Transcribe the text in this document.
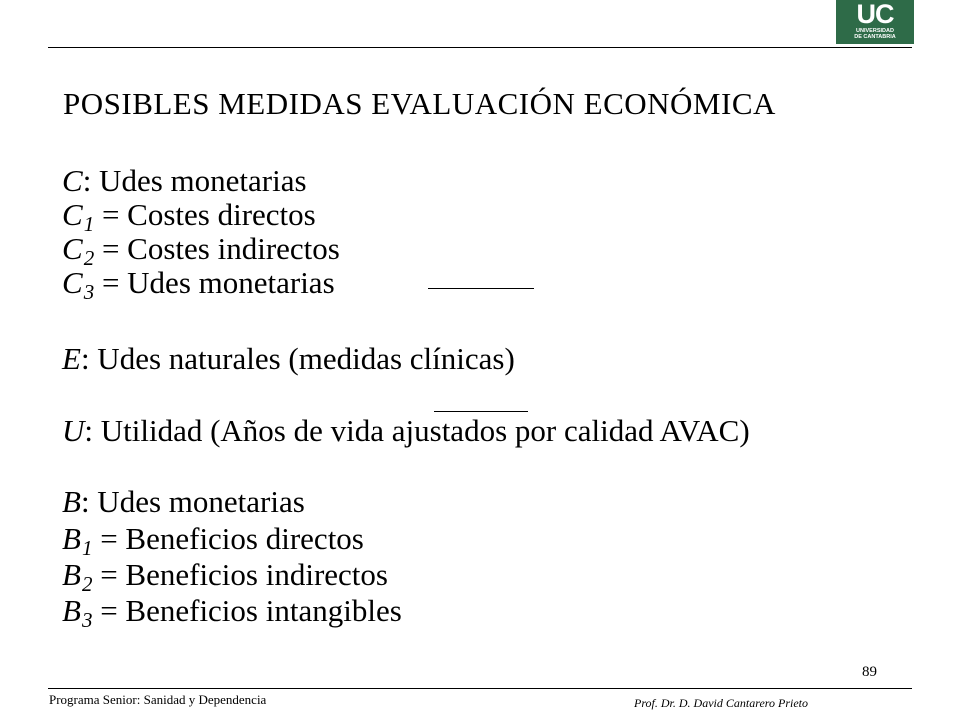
UC
UNIVERSIDAD
DE CANTABRIA
POSIBLES MEDIDAS EVALUACIÓN ECONÓMICA
C: Udes monetarias
C1 = Costes directos
C2 = Costes indirectos
C3 = Udes monetarias
E: Udes naturales (medidas clínicas)
U: Utilidad (Años de vida ajustados por calidad AVAC)
B: Udes monetarias
B1 = Beneficios directos
B2 = Beneficios indirectos
B3 = Beneficios intangibles
89
Programa Senior: Sanidad y Dependencia	Prof. Dr. D. David Cantarero Prieto
